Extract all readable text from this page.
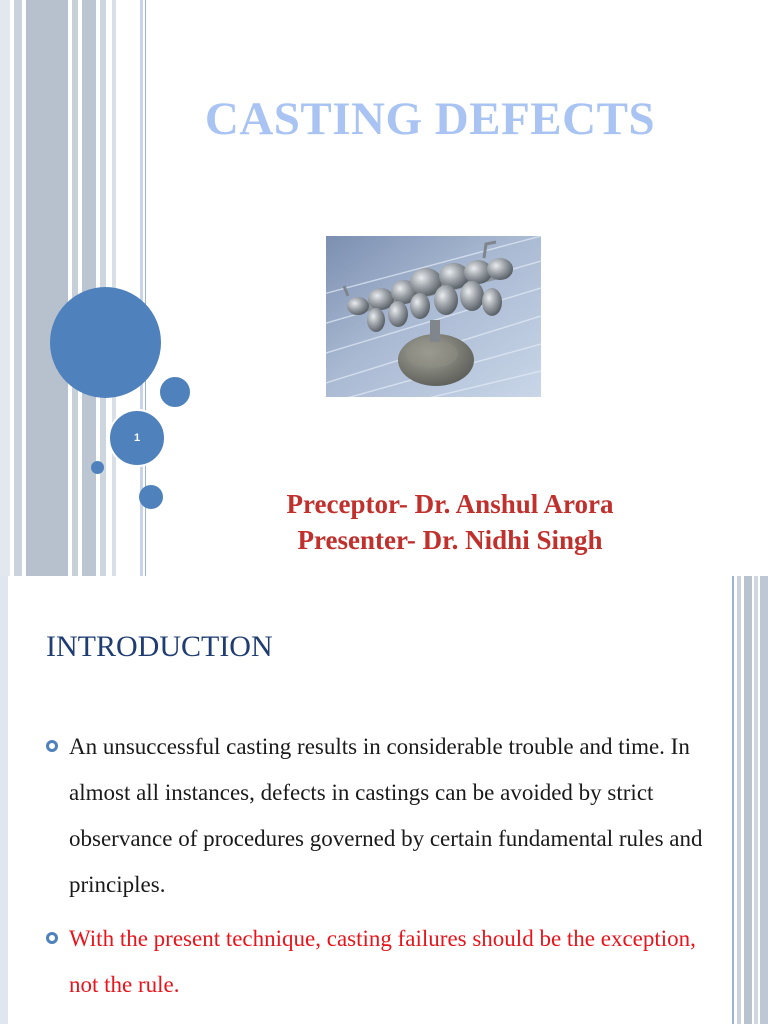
CASTING DEFECTS
1
Preceptor- Dr. Anshul Arora
Presenter- Dr. Nidhi Singh
INTRODUCTION
An unsuccessful casting results in considerable trouble and time. In almost all instances, defects in castings can be avoided by strict observance of procedures governed by certain fundamental rules and principles.
With the present technique, casting failures should be the exception, not the rule.
